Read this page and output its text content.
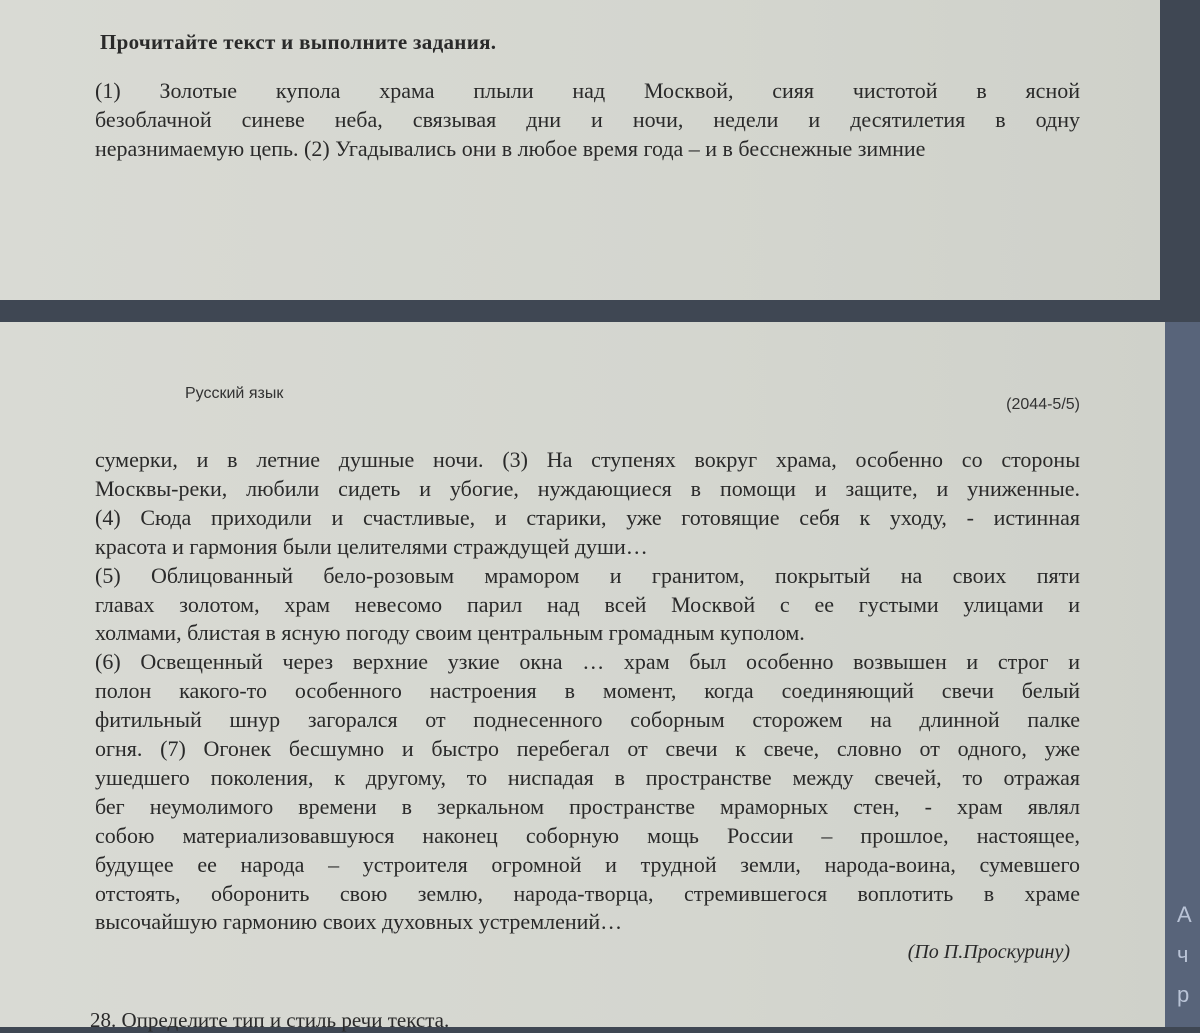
Прочитайте текст и выполните задания.
(1) Золотые купола храма плыли над Москвой, сияя чистотой в ясной
безоблачной синеве неба, связывая дни и ночи, недели и десятилетия в одну
неразнимаемую цепь. (2) Угадывались они в любое время года – и в бесснежные зимние
Русский язык
(2044-5/5)
сумерки, и в летние душные ночи. (3) На ступенях вокруг храма, особенно со стороны
Москвы-реки, любили сидеть и убогие, нуждающиеся в помощи и защите, и униженные.
(4) Сюда приходили и счастливые, и старики, уже готовящие себя к уходу, - истинная
красота и гармония были целителями страждущей души…
(5) Облицованный бело-розовым мрамором и гранитом, покрытый на своих пяти
главах золотом, храм невесомо парил над всей Москвой с ее густыми улицами и
холмами, блистая в ясную погоду своим центральным громадным куполом.
(6) Освещенный через верхние узкие окна … храм был особенно возвышен и строг и
полон какого-то особенного настроения в момент, когда соединяющий свечи белый
фитильный шнур загорался от поднесенного соборным сторожем на длинной палке
огня. (7) Огонек бесшумно и быстро перебегал от свечи к свече, словно от одного, уже
ушедшего поколения, к другому, то ниспадая в пространстве между свечей, то отражая
бег неумолимого времени в зеркальном пространстве мраморных стен, - храм являл
собою материализовавшуюся наконец соборную мощь России – прошлое, настоящее,
будущее ее народа – устроителя огромной и трудной земли, народа-воина, сумевшего
отстоять, оборонить свою землю, народа-творца, стремившегося воплотить в храме
высочайшую гармонию своих духовных устремлений…
(По П.Проскурину)
28. Определите тип и стиль речи текста.
А
ч
р
